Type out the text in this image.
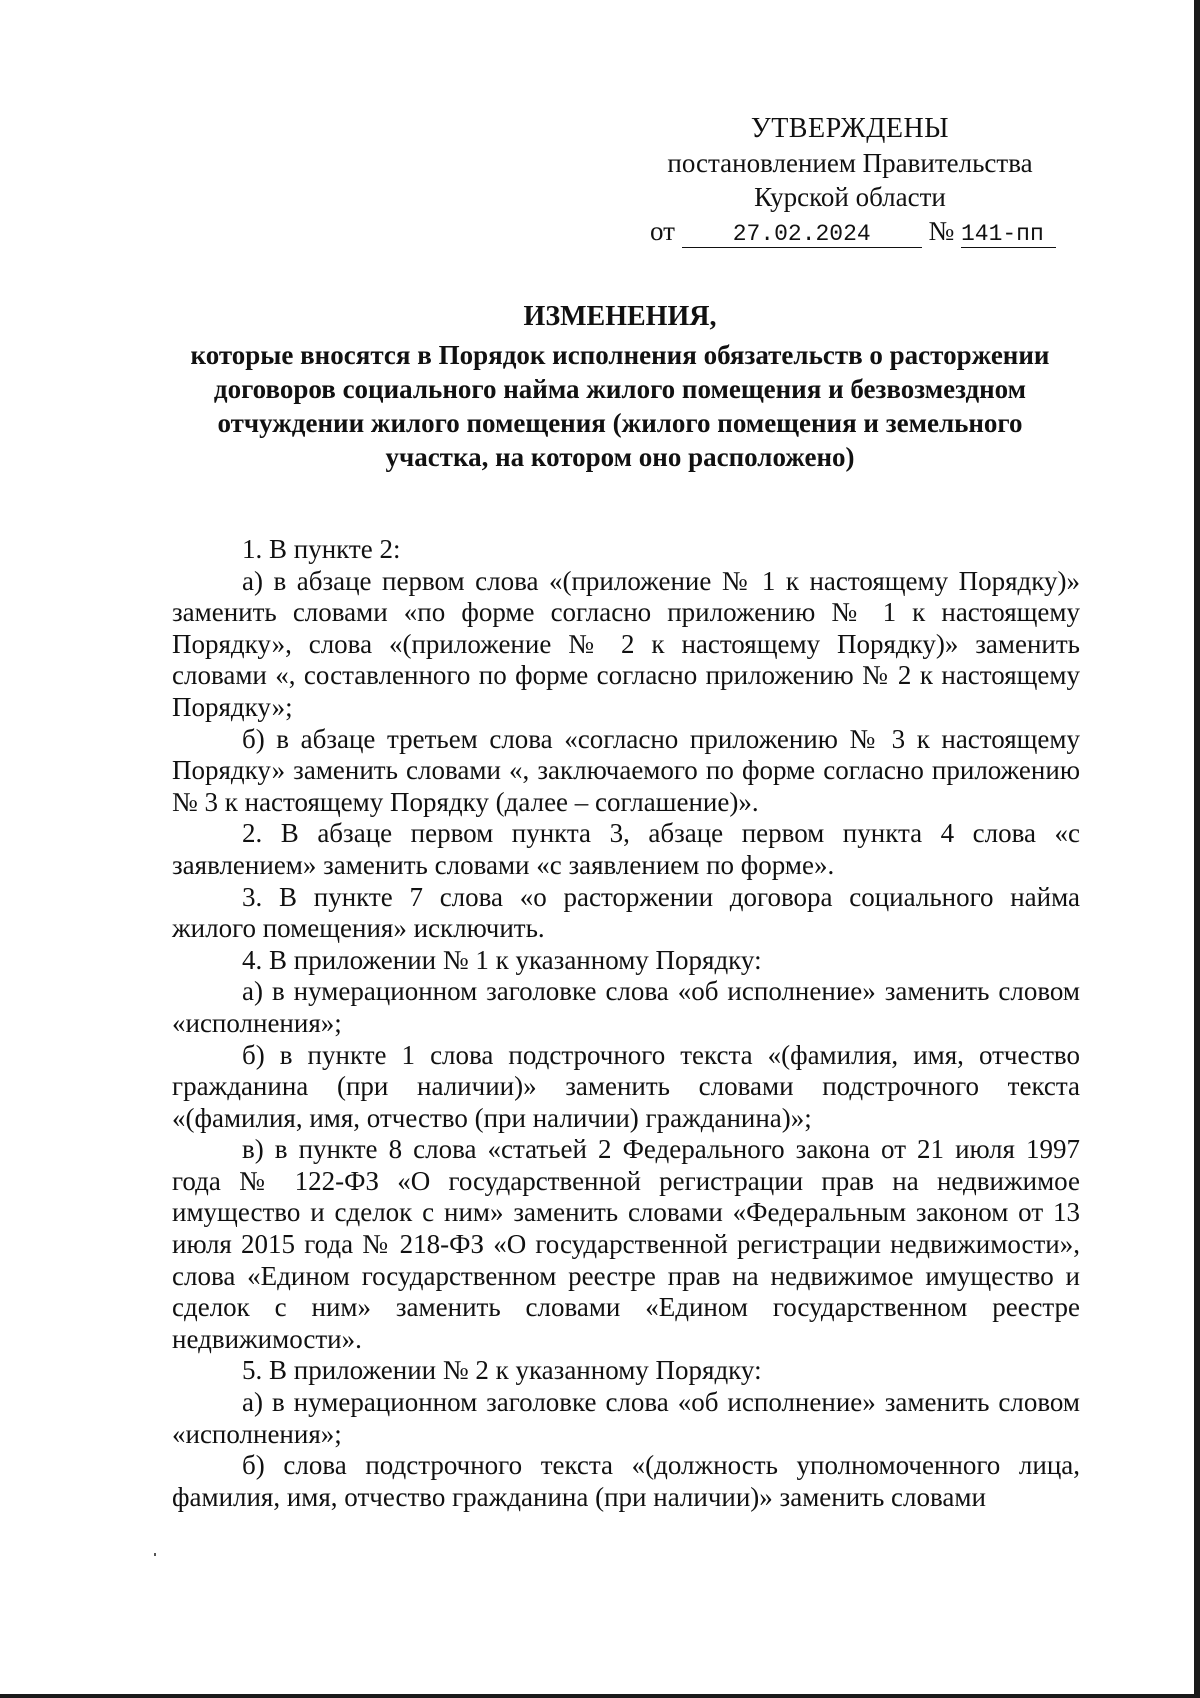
УТВЕРЖДЕНЫ
постановлением Правительства
Курской области
от	27.02.2024 № 141-пп
ИЗМЕНЕНИЯ,
которые вносятся в Порядок исполнения обязательств о расторжении договоров социального найма жилого помещения и безвозмездном отчуждении жилого помещения (жилого помещения и земельного участка, на котором оно расположено)

1. В пункте 2:

а) в абзаце первом слова «(приложение № 1 к настоящему Порядку)» заменить словами «по форме согласно приложению № 1 к настоящему Порядку», слова «(приложение № 2 к настоящему Порядку)» заменить словами «, составленного по форме согласно приложению № 2 к настоящему Порядку»;

б) в абзаце третьем слова «согласно приложению № 3 к настоящему Порядку» заменить словами «, заключаемого по форме согласно приложению № 3 к настоящему Порядку (далее – соглашение)».

2. В абзаце первом пункта 3, абзаце первом пункта 4 слова «с заявлением» заменить словами «с заявлением по форме».

3. В пункте 7 слова «о расторжении договора социального найма жилого помещения» исключить.

4. В приложении № 1 к указанному Порядку:

а) в нумерационном заголовке слова «об исполнение» заменить словом «исполнения»;

б) в пункте 1 слова подстрочного текста «(фамилия, имя, отчество гражданина (при наличии)» заменить словами подстрочного текста «(фамилия, имя, отчество (при наличии) гражданина)»;

в) в пункте 8 слова «статьей 2 Федерального закона от 21 июля 1997 года № 122-ФЗ «О государственной регистрации прав на недвижимое имущество и сделок с ним» заменить словами «Федеральным законом от 13 июля 2015 года № 218-ФЗ «О государственной регистрации недвижимости», слова «Едином государственном реестре прав на недвижимое имущество и сделок с ним» заменить словами «Едином государственном реестре недвижимости».

5. В приложении № 2 к указанному Порядку:

а) в нумерационном заголовке слова «об исполнение» заменить словом «исполнения»;

б) слова подстрочного текста «(должность уполномоченного лица, фамилия, имя, отчество гражданина (при наличии)» заменить словами
